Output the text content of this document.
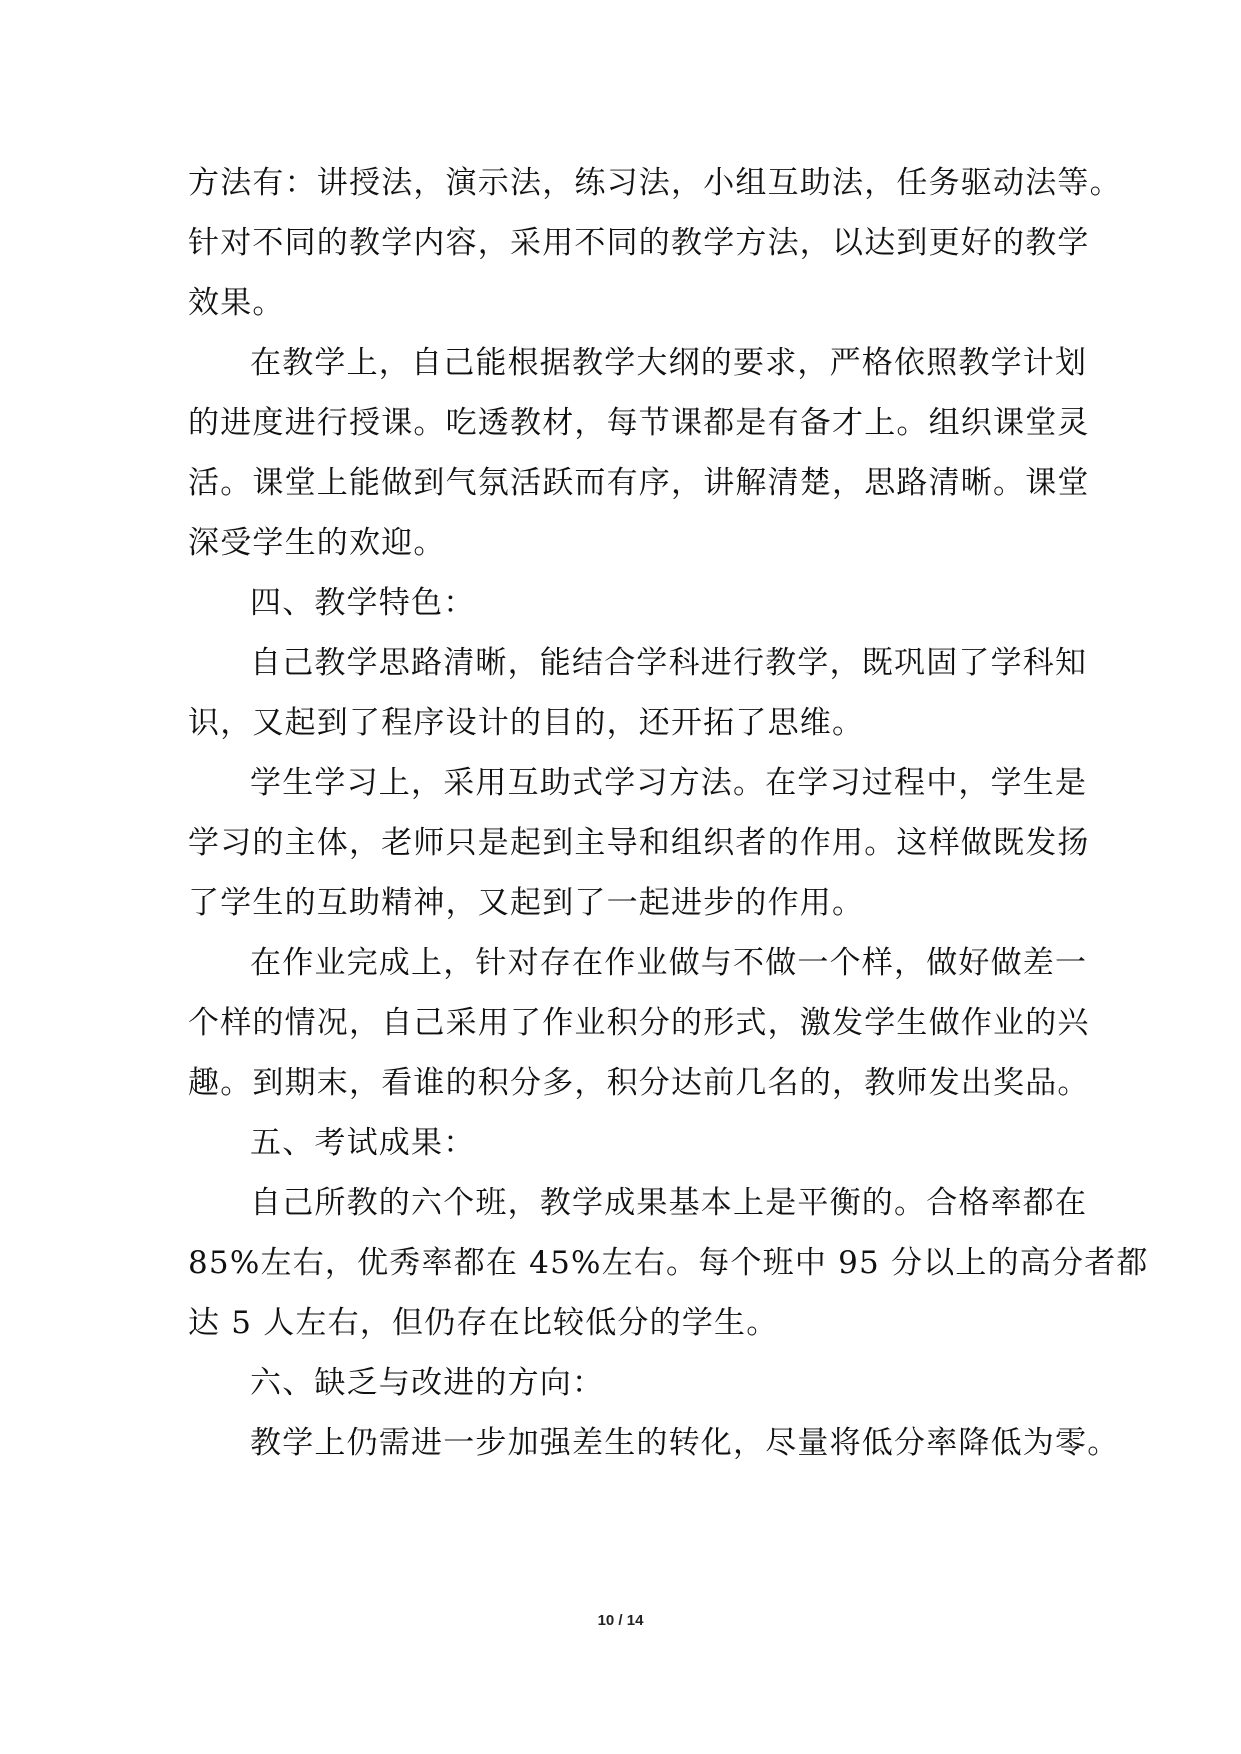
方法有：讲授法，演示法，练习法，小组互助法，任务驱动法等。
针对不同的教学内容，采用不同的教学方法，以达到更好的教学
效果。
在教学上，自己能根据教学大纲的要求，严格依照教学计划
的进度进行授课。吃透教材，每节课都是有备才上。组织课堂灵
活。课堂上能做到气氛活跃而有序，讲解清楚，思路清晰。课堂
深受学生的欢迎。
四、教学特色：
自己教学思路清晰，能结合学科进行教学，既巩固了学科知
识，又起到了程序设计的目的，还开拓了思维。
学生学习上，采用互助式学习方法。在学习过程中，学生是
学习的主体，老师只是起到主导和组织者的作用。这样做既发扬
了学生的互助精神，又起到了一起进步的作用。
在作业完成上，针对存在作业做与不做一个样，做好做差一
个样的情况，自己采用了作业积分的形式，激发学生做作业的兴
趣。到期末，看谁的积分多，积分达前几名的，教师发出奖品。
五、考试成果：
自己所教的六个班，教学成果基本上是平衡的。合格率都在
85%左右，优秀率都在 45%左右。每个班中 95 分以上的高分者都
达 5 人左右，但仍存在比较低分的学生。
六、缺乏与改进的方向：
教学上仍需进一步加强差生的转化，尽量将低分率降低为零。
10 / 14
